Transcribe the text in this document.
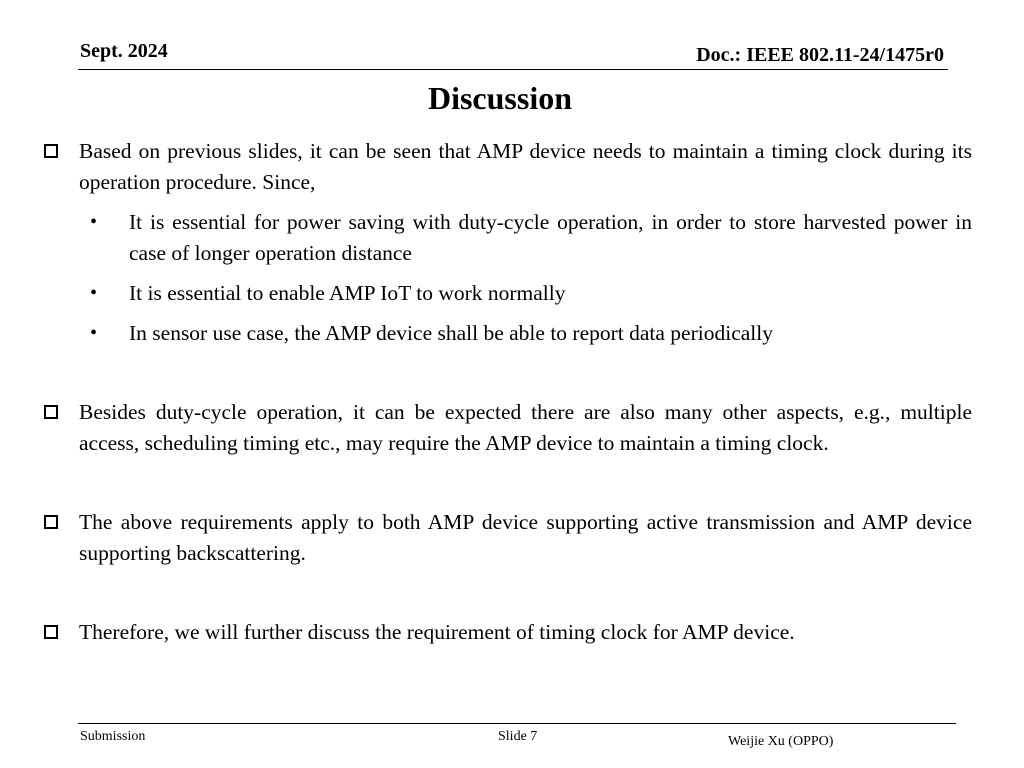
Sept. 2024	Doc.: IEEE 802.11-24/1475r0
Discussion
Based on previous slides, it can be seen that AMP device needs to maintain a timing clock during its operation procedure. Since,
• It is essential for power saving with duty-cycle operation, in order to store harvested power in case of longer operation distance
• It is essential to enable AMP IoT to work normally
• In sensor use case, the AMP device shall be able to report data periodically
Besides duty-cycle operation, it can be expected there are also many other aspects, e.g., multiple access, scheduling timing etc., may require the AMP device to maintain a timing clock.
The above requirements apply to both AMP device supporting active transmission and AMP device supporting backscattering.
Therefore, we will further discuss the requirement of timing clock for AMP device.
Submission	Slide 7	Weijie Xu (OPPO)
